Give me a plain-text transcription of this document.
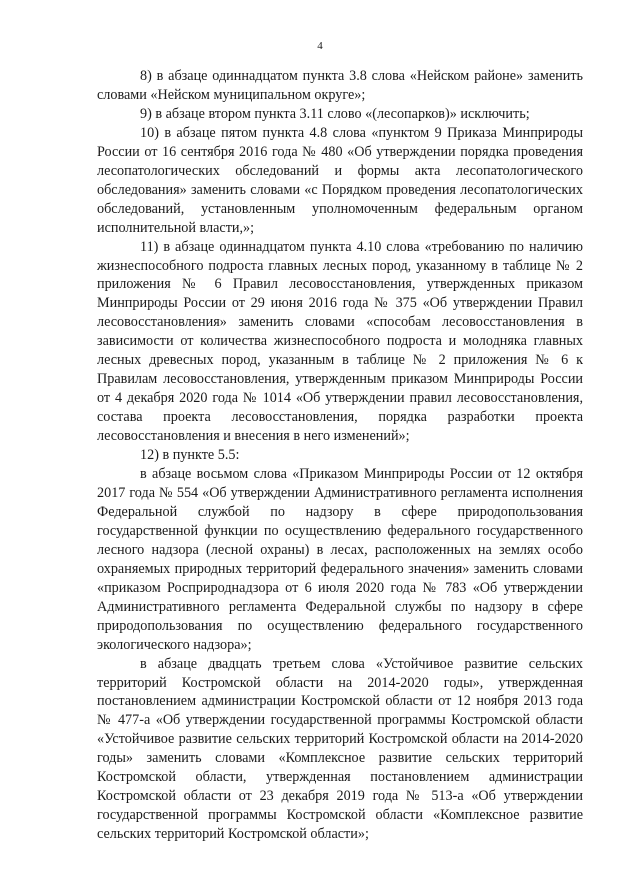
4

8) в абзаце одиннадцатом пункта 3.8 слова «Нейском районе» заменить словами «Нейском муниципальном округе»;

9) в абзаце втором пункта 3.11 слово «(лесопарков)» исключить;

10) в абзаце пятом пункта 4.8 слова «пунктом 9 Приказа Минприроды России от 16 сентября 2016 года № 480 «Об утверждении порядка проведения лесопатологических обследований и формы акта лесопатологического обследования» заменить словами «с Порядком проведения лесопатологических обследований, установленным уполномоченным федеральным органом исполнительной власти,»;

11) в абзаце одиннадцатом пункта 4.10 слова «требованию по наличию жизнеспособного подроста главных лесных пород, указанному в таблице № 2 приложения № 6 Правил лесовосстановления, утвержденных приказом Минприроды России от 29 июня 2016 года № 375 «Об утверждении Правил лесовосстановления» заменить словами «способам лесовосстановления в зависимости от количества жизнеспособного подроста и молодняка главных лесных древесных пород, указанным в таблице № 2 приложения № 6 к Правилам лесовосстановления, утвержденным приказом Минприроды России от 4 декабря 2020 года № 1014 «Об утверждении правил лесовосстановления, состава проекта лесовосстановления, порядка разработки проекта лесовосстановления и внесения в него изменений»;

12) в пункте 5.5:

в абзаце восьмом слова «Приказом Минприроды России от 12 октября 2017 года № 554 «Об утверждении Административного регламента исполнения Федеральной службой по надзору в сфере природопользования государственной функции по осуществлению федерального государственного лесного надзора (лесной охраны) в лесах, расположенных на землях особо охраняемых природных территорий федерального значения» заменить словами «приказом Росприроднадзора от 6 июля 2020 года № 783 «Об утверждении Административного регламента Федеральной службы по надзору в сфере природопользования по осуществлению федерального государственного экологического надзора»;

в абзаце двадцать третьем слова «Устойчивое развитие сельских территорий Костромской области на 2014-2020 годы», утвержденная постановлением администрации Костромской области от 12 ноября 2013 года № 477-а «Об утверждении государственной программы Костромской области «Устойчивое развитие сельских территорий Костромской области на 2014-2020 годы» заменить словами «Комплексное развитие сельских территорий Костромской области, утвержденная постановлением администрации Костромской области от 23 декабря 2019 года № 513-а «Об утверждении государственной программы Костромской области «Комплексное развитие сельских территорий Костромской области»;
